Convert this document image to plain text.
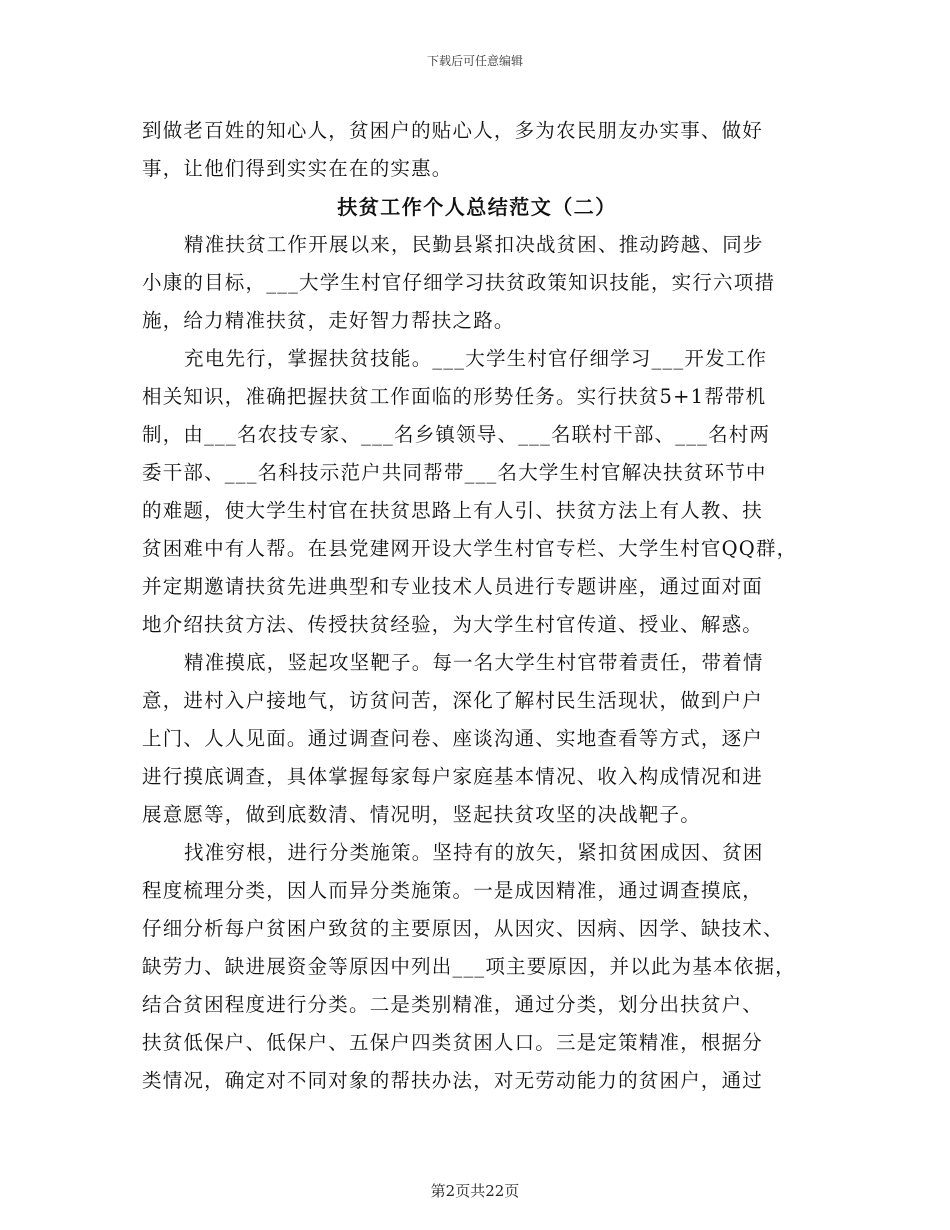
下载后可任意编辑
到做老百姓的知心人，贫困户的贴心人，多为农民朋友办实事、做好
事，让他们得到实实在在的实惠。
扶贫工作个人总结范文（二）
精准扶贫工作开展以来，民勤县紧扣决战贫困、推动跨越、同步
小康的目标，___大学生村官仔细学习扶贫政策知识技能，实行六项措
施，给力精准扶贫，走好智力帮扶之路。
充电先行，掌握扶贫技能。___大学生村官仔细学习___开发工作
相关知识，准确把握扶贫工作面临的形势任务。实行扶贫5+1帮带机
制，由___名农技专家、___名乡镇领导、___名联村干部、___名村两
委干部、___名科技示范户共同帮带___名大学生村官解决扶贫环节中
的难题，使大学生村官在扶贫思路上有人引、扶贫方法上有人教、扶
贫困难中有人帮。在县党建网开设大学生村官专栏、大学生村官QQ群，
并定期邀请扶贫先进典型和专业技术人员进行专题讲座，通过面对面
地介绍扶贫方法、传授扶贫经验，为大学生村官传道、授业、解惑。
精准摸底，竖起攻坚靶子。每一名大学生村官带着责任，带着情
意，进村入户接地气，访贫问苦，深化了解村民生活现状，做到户户
上门、人人见面。通过调查问卷、座谈沟通、实地查看等方式，逐户
进行摸底调查，具体掌握每家每户家庭基本情况、收入构成情况和进
展意愿等，做到底数清、情况明，竖起扶贫攻坚的决战靶子。
找准穷根，进行分类施策。坚持有的放矢，紧扣贫困成因、贫困
程度梳理分类，因人而异分类施策。一是成因精准，通过调查摸底，
仔细分析每户贫困户致贫的主要原因，从因灾、因病、因学、缺技术、
缺劳力、缺进展资金等原因中列出___项主要原因，并以此为基本依据，
结合贫困程度进行分类。二是类别精准，通过分类，划分出扶贫户、
扶贫低保户、低保户、五保户四类贫困人口。三是定策精准，根据分
类情况，确定对不同对象的帮扶办法，对无劳动能力的贫困户，通过
第2页共22页
